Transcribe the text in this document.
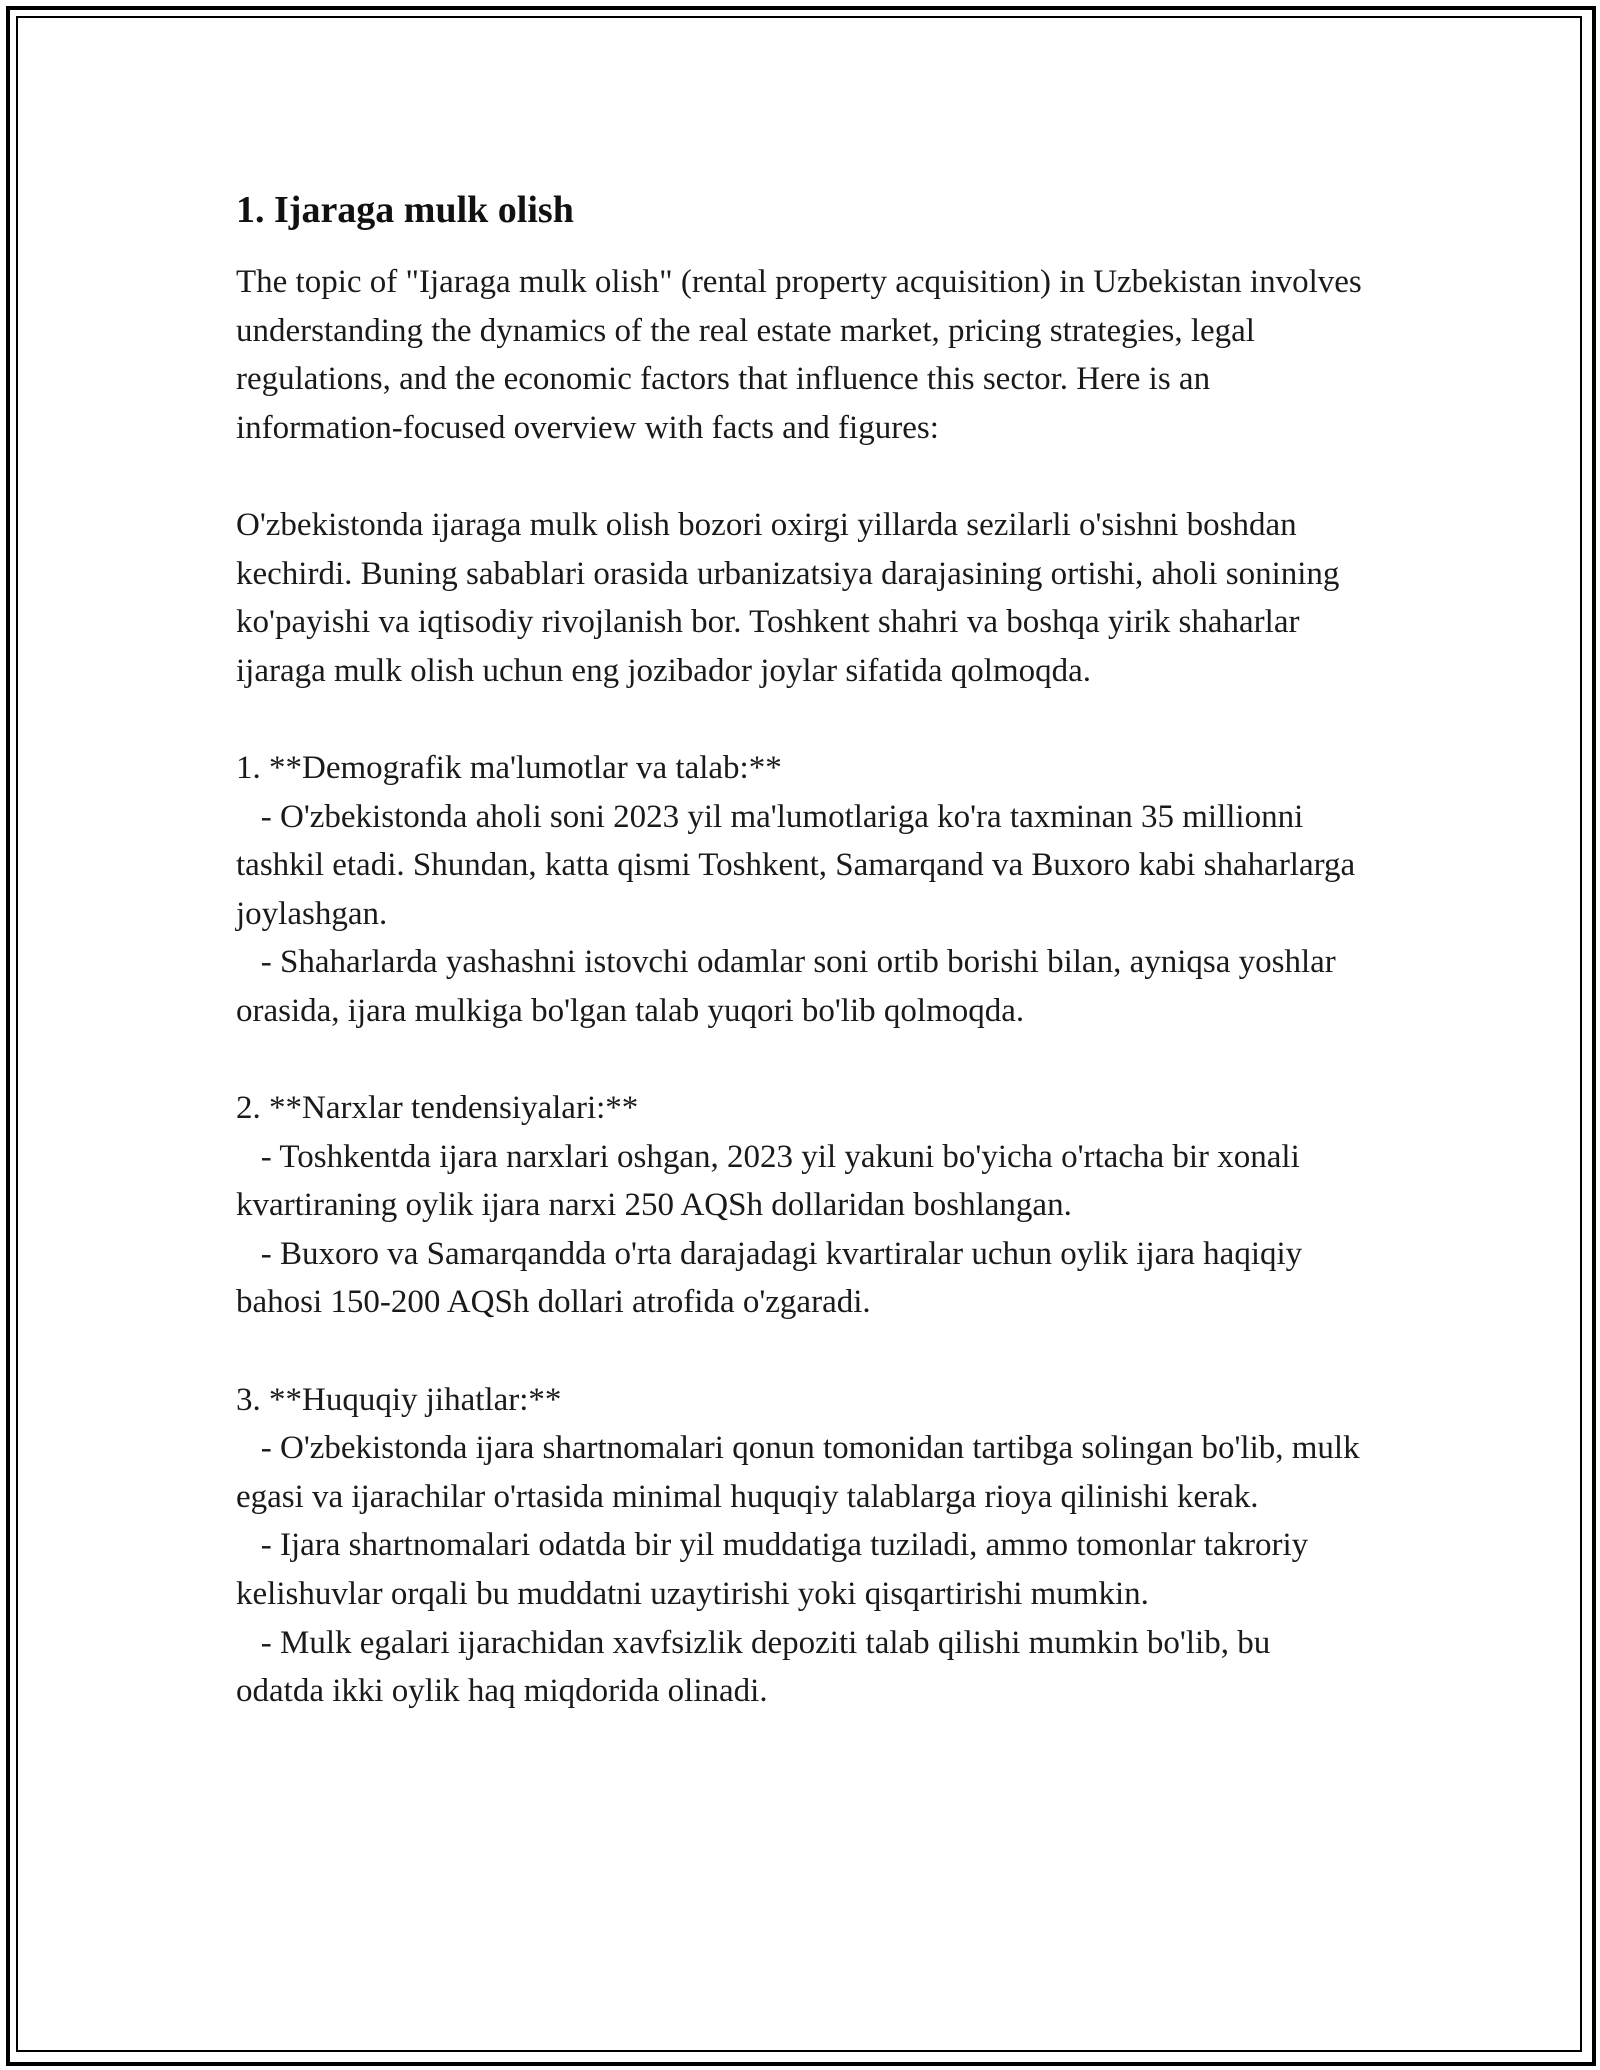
1. Ijaraga mulk olish

The topic of "Ijaraga mulk olish" (rental property acquisition) in Uzbekistan involves understanding the dynamics of the real estate market, pricing strategies, legal regulations, and the economic factors that influence this sector. Here is an information-focused overview with facts and figures:

O'zbekistonda ijaraga mulk olish bozori oxirgi yillarda sezilarli o'sishni boshdan kechirdi. Buning sabablari orasida urbanizatsiya darajasining ortishi, aholi sonining ko'payishi va iqtisodiy rivojlanish bor. Toshkent shahri va boshqa yirik shaharlar ijaraga mulk olish uchun eng jozibador joylar sifatida qolmoqda.

1. **Demografik ma'lumotlar va talab:**

- O'zbekistonda aholi soni 2023 yil ma'lumotlariga ko'ra taxminan 35 millionni tashkil etadi. Shundan, katta qismi Toshkent, Samarqand va Buxoro kabi shaharlarga joylashgan.

- Shaharlarda yashashni istovchi odamlar soni ortib borishi bilan, ayniqsa yoshlar orasida, ijara mulkiga bo'lgan talab yuqori bo'lib qolmoqda.

2. **Narxlar tendensiyalari:**

- Toshkentda ijara narxlari oshgan, 2023 yil yakuni bo'yicha o'rtacha bir xonali kvartiraning oylik ijara narxi 250 AQSh dollaridan boshlangan.

- Buxoro va Samarqandda o'rta darajadagi kvartiralar uchun oylik ijara haqiqiy bahosi 150-200 AQSh dollari atrofida o'zgaradi.

3. **Huquqiy jihatlar:**

- O'zbekistonda ijara shartnomalari qonun tomonidan tartibga solingan bo'lib, mulk egasi va ijarachilar o'rtasida minimal huquqiy talablarga rioya qilinishi kerak.

- Ijara shartnomalari odatda bir yil muddatiga tuziladi, ammo tomonlar takroriy kelishuvlar orqali bu muddatni uzaytirishi yoki qisqartirishi mumkin.

- Mulk egalari ijarachidan xavfsizlik depoziti talab qilishi mumkin bo'lib, bu odatda ikki oylik haq miqdorida olinadi.
